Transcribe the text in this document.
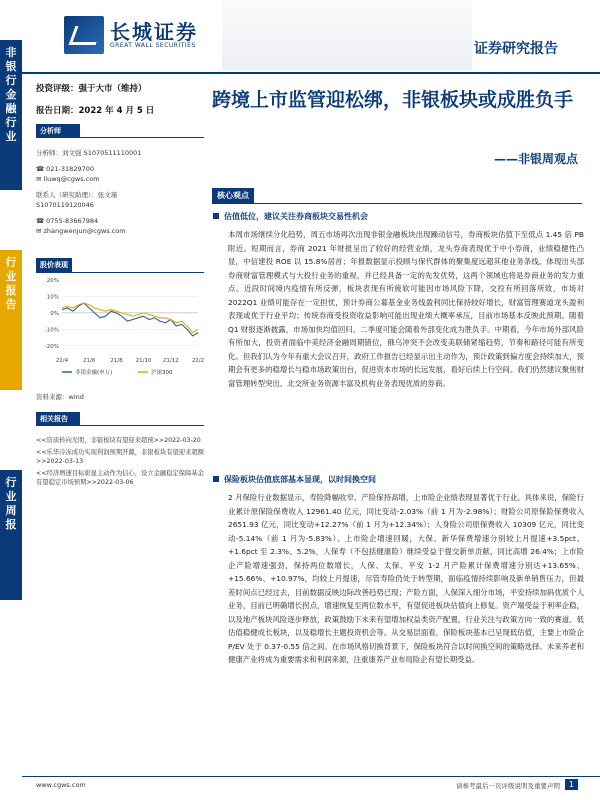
非
银
行
金
融
行
业
行
业
报
告
行
业
周
报
长城证券
GREAT WALL SECURITIES	证券研究报告
投资评级：强于大市（维持）
报告日期：2022 年 4 月 5 日
分析师
分析师：刘文强 S1070511110001
☎ 021-31829700
✉ liuwq@cgws.com
联系人（研究助理）：张文瑾
S1070119120046
☎ 0755-83667984
✉ zhangwenjun@cgws.com
股价表现
20%
10%
0%
-10%
-20%
21/4	21/6	21/8 21/10 21/12 22/2
非银金融(申万)	沪深300
资料来源：wind
相关报告
<<资质转向光明，非银板块有望迎来超预>>2022-03-20
<<乐华冷冻成功实现利润预期开源，非银板块有望迎来超额>>2022-03-13
<<经济增速目标彰显主动作为信心，设立金融稳定保障基金有望稳定市场预期>>2022-03-06
跨境上市监管迎松绑，非银板块或成胜负手
——非银周观点
核心观点
估值低位，建议关注券商板块交易性机会
本周市场继续分化趋势，周五市场再次出现非银金融板块出现躁动信号，券商板块估值下至低点 1.45 倍 PB 附近。短期而言，券商 2021 年财报呈出了较好的经营业绩，龙头券商表现优于中小券商，业绩稳健性凸显，中信建投 ROE 以 15.8%居首；年报数据显示投顾与保代群体的聚集度远超其他业务条线。体现出头部券商财富管理模式与大投行业务的重视，并已经具备一定的先发优势，这两个领域也将是券商业务的发力重点。近段时间境内疫情有所反弹，板块表现有所疲软可能因市场风险下降，交投有所回落所致，市场对 2022Q1 业绩可能存在一定担忧，预计券商公募基金业务线盈利同比保持较好增长，财富管理赛道龙头盈利表现或优于行业平均；传统券商受投资收益影响可能出现业绩大概率承压，目前市场基本反映此预期。随着 Q1 财报逐渐披露，市场加快均值回归。二季度可能会随着外部变化成为胜负手。中期看，今年市场外部风险有所加大，投资者面临中美经济金融周期错位，俄乌冲突不会改变美联储紧缩趋势，节奏和路径可能有所变化。但我们认为今年有重大会议召开，政府工作报告已经显示出主动作为，预计政策到偏方度会持续加大，预期会有更多的稳增长与稳市场政策出台，促进资本市场的长远发展，看好后续上行空间。我们仍然建议聚焦财富管理转型突出、北交所业务资源丰富及机构业务表现优质的券商。
保险板块估值底部基本显现，以时间换空间
2 月保险行业数据显示，寿险降幅收窄、产险保持高增，上市险企业绩表现显著优于行业。具体来说，保险行业累计原保险保费收入 12961.40 亿元，同比变动-2.03%（前 1 月为-2.98%）；财险公司原保险保费收入 2651.93 亿元，同比变动+12.27%（前 1 月为+12.34%）；人身险公司原保费收入 10309 亿元，同比变动-5.14%（前 1 月为-5.83%）。上市险企增速回暖，大保、新华保费增速分别较上月提速+3.5pct、+1.6pct 至 2.3%、5.2%，人保寿（不包括健康险）继续受益于提交新单贡献，同比高增 26.4%；上市险企产险增速强劲，保持两位数增长，人保、太保、平安 1-2 月产险累计保费增速分别达+13.65%、+15.66%、+10.97%，均较上月提速，尽管寿险仍处于转型期，面临疫情持续影响及新单销售压力，但最差时间点已经过去，目前数据反映边际改善趋势已现；产险方面，人保深入细分市场，平安持续加码优质个人业务，目前已明确增长拐点，增速恢复至两位数水平，有望促进板块估值向上修复。资产端受益于利率企稳，以及地产板块风险逐步释放，政策鼓励下未来有望增加权益类资产配置，行业关注与政策方向一致的赛道、低估值稳健成长板块，以及稳增长主题投资机会等。从交易层面看，保险板块基本已呈现低估值，主要上市险企 P/EV 处于 0.37-0.55 倍之间。在市场风格切换背景下，保险板块符合以时间换空间的策略选择。未来养老和健康产业将成为重要需求和利润来源，注重康养产业布局险企有望长期受益。
www.cgws.com	请参考最后一页评级说明及重要声明	1
